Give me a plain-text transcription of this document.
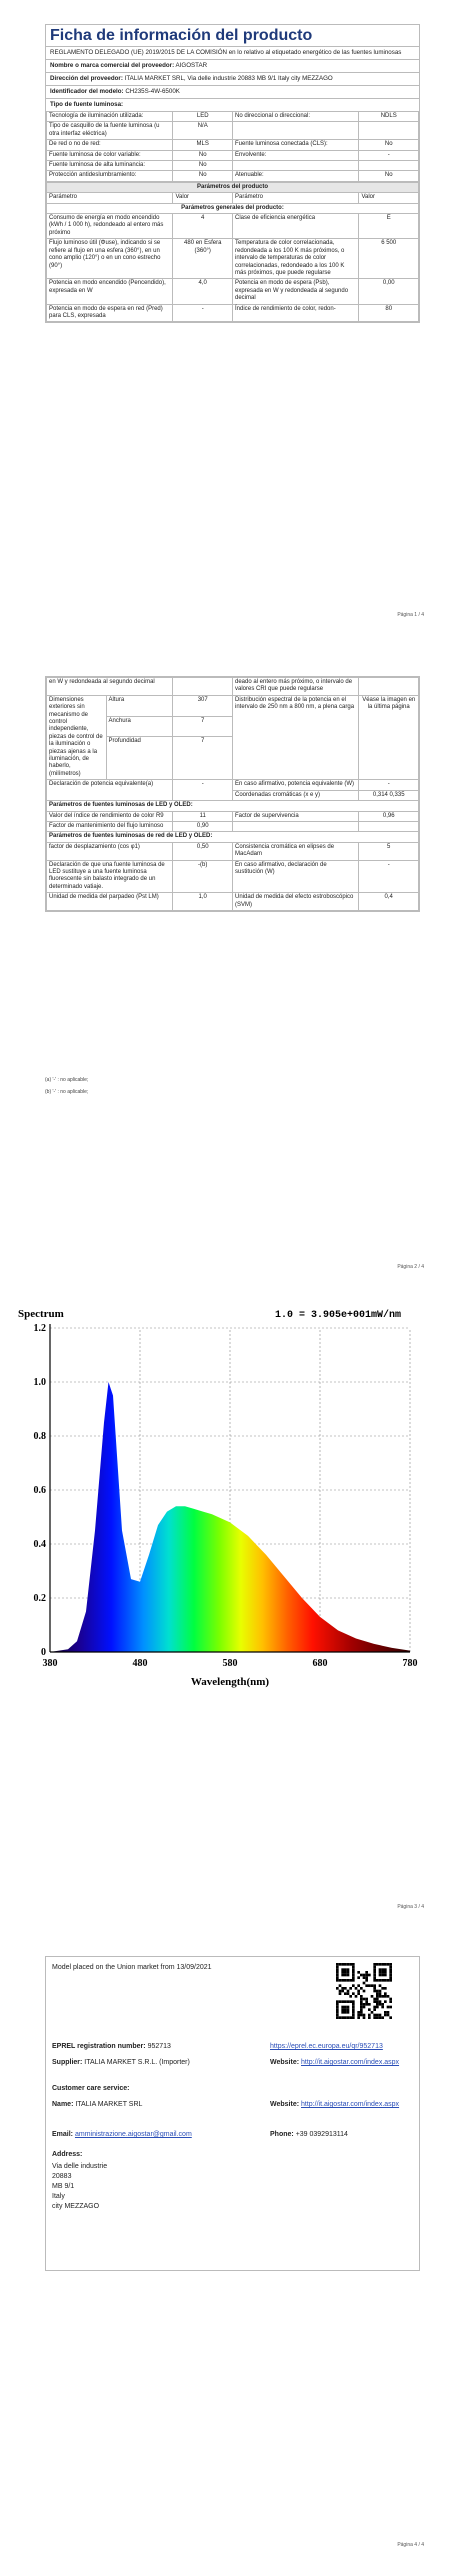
Ficha de información del producto
REGLAMENTO DELEGADO (UE) 2019/2015 DE LA COMISIÓN en lo relativo al etiquetado energético de las fuentes luminosas
Nombre o marca comercial del proveedor: AIGOSTAR
Dirección del proveedor: ITALIA MARKET SRL, Via delle industrie 20883 MB 9/1 Italy city MEZZAGO
Identificador del modelo: CH235S-4W-6500K
Tipo de fuente luminosa:
Tecnología de iluminación utilizada:	LED	No direccional o direccional:	NDLS
Tipo de casquillo de la fuente luminosa (u otra interfaz eléctrica)	N/A		
De red o no de red:	MLS	Fuente luminosa conectada (CLS):	No
Fuente luminosa de color variable:	No	Envolvente:	-
Fuente luminosa de alta luminancia:	No		
Protección antideslumbramiento:	No	Atenuable:	No
Parámetros del producto			
Parámetro	Valor	Parámetro	Valor
Parámetros generales del producto:			
Consumo de energía en modo encendido (kWh / 1 000 h), redondeado al entero más próximo	4	Clase de eficiencia energética	E
Flujo luminoso útil (Φuse), indicando si se refiere al flujo en una esfera (360°), en un cono amplio (120°) o en un cono estrecho (90°)	480 en Esfera (360°)	Temperatura de color correlacionada, redondeada a los 100 K más próximos, o intervalo de temperaturas de color correlacionadas, redondeado a los 100 K más próximos, que puede regularse	6 500
Potencia en modo encendido (Pencendido), expresada en W	4,0	Potencia en modo de espera (Psb), expresada en W y redondeada al segundo decimal	0,00
Potencia en modo de espera en red (Pred) para CLS, expresada	-	Índice de rendimiento de color, redon-	80
Página 1 / 4
en W y redondeada al segundo decimal			deado al entero más próximo, o intervalo de valores CRI que puede regularse	
Dimensiones exteriores sin mecanismo de control independiente, piezas de control de la iluminación o piezas ajenas a la iluminación, de haberlo, (milímetros)	Altura	307	Distribución espectral de la potencia en el intervalo de 250 nm a 800 nm, a plena carga	Véase la imagen en la última página
	Anchura	7		
	Profundidad	7		
Declaración de potencia equivalente(a)		-	En caso afirmativo, potencia equivalente (W)	-
			Coordenadas cromáticas (x e y)	0,314 0,335
Parámetros de fuentes luminosas de LED y OLED:				
Valor del índice de rendimiento de color R9		11	Factor de supervivencia	0,96
Factor de mantenimiento del flujo luminoso		0,90		
Parámetros de fuentes luminosas de red de LED y OLED:				
factor de desplazamiento (cos φ1)		0,50	Consistencia cromática en elipses de MacAdam	5
Declaración de que una fuente luminosa de LED sustituye a una fuente luminosa fluorescente sin balasto integrado de un determinado vatiaje.		-(b)	En caso afirmativo, declaración de sustitución (W)	-
Unidad de medida del parpadeo (Pst LM)		1,0	Unidad de medida del efecto estroboscópico (SVM)	0,4
(a) '-' : no aplicable;
(b) '-' : no aplicable;
Página 2 / 4
Spectrum	1.0 = 3.905e+001mW/nm
0
0.2
0.4
0.6
0.8
1.0
1.2
380	480	580	680	780
Wavelength(nm)
Página 3 / 4
Model placed on the Union market from 13/09/2021
EPREL registration number: 952713	https://eprel.ec.europa.eu/qr/952713
Supplier: ITALIA MARKET S.R.L. (Importer)	Website: http://it.aigostar.com/index.aspx
Customer care service:
Name: ITALIA MARKET SRL	Website: http://it.aigostar.com/index.aspx
Email: amministrazione.aigostar@gmail.com	Phone: +39 0392913114
Address:
Via delle industrie
20883
MB 9/1
Italy
city MEZZAGO
Página 4 / 4
